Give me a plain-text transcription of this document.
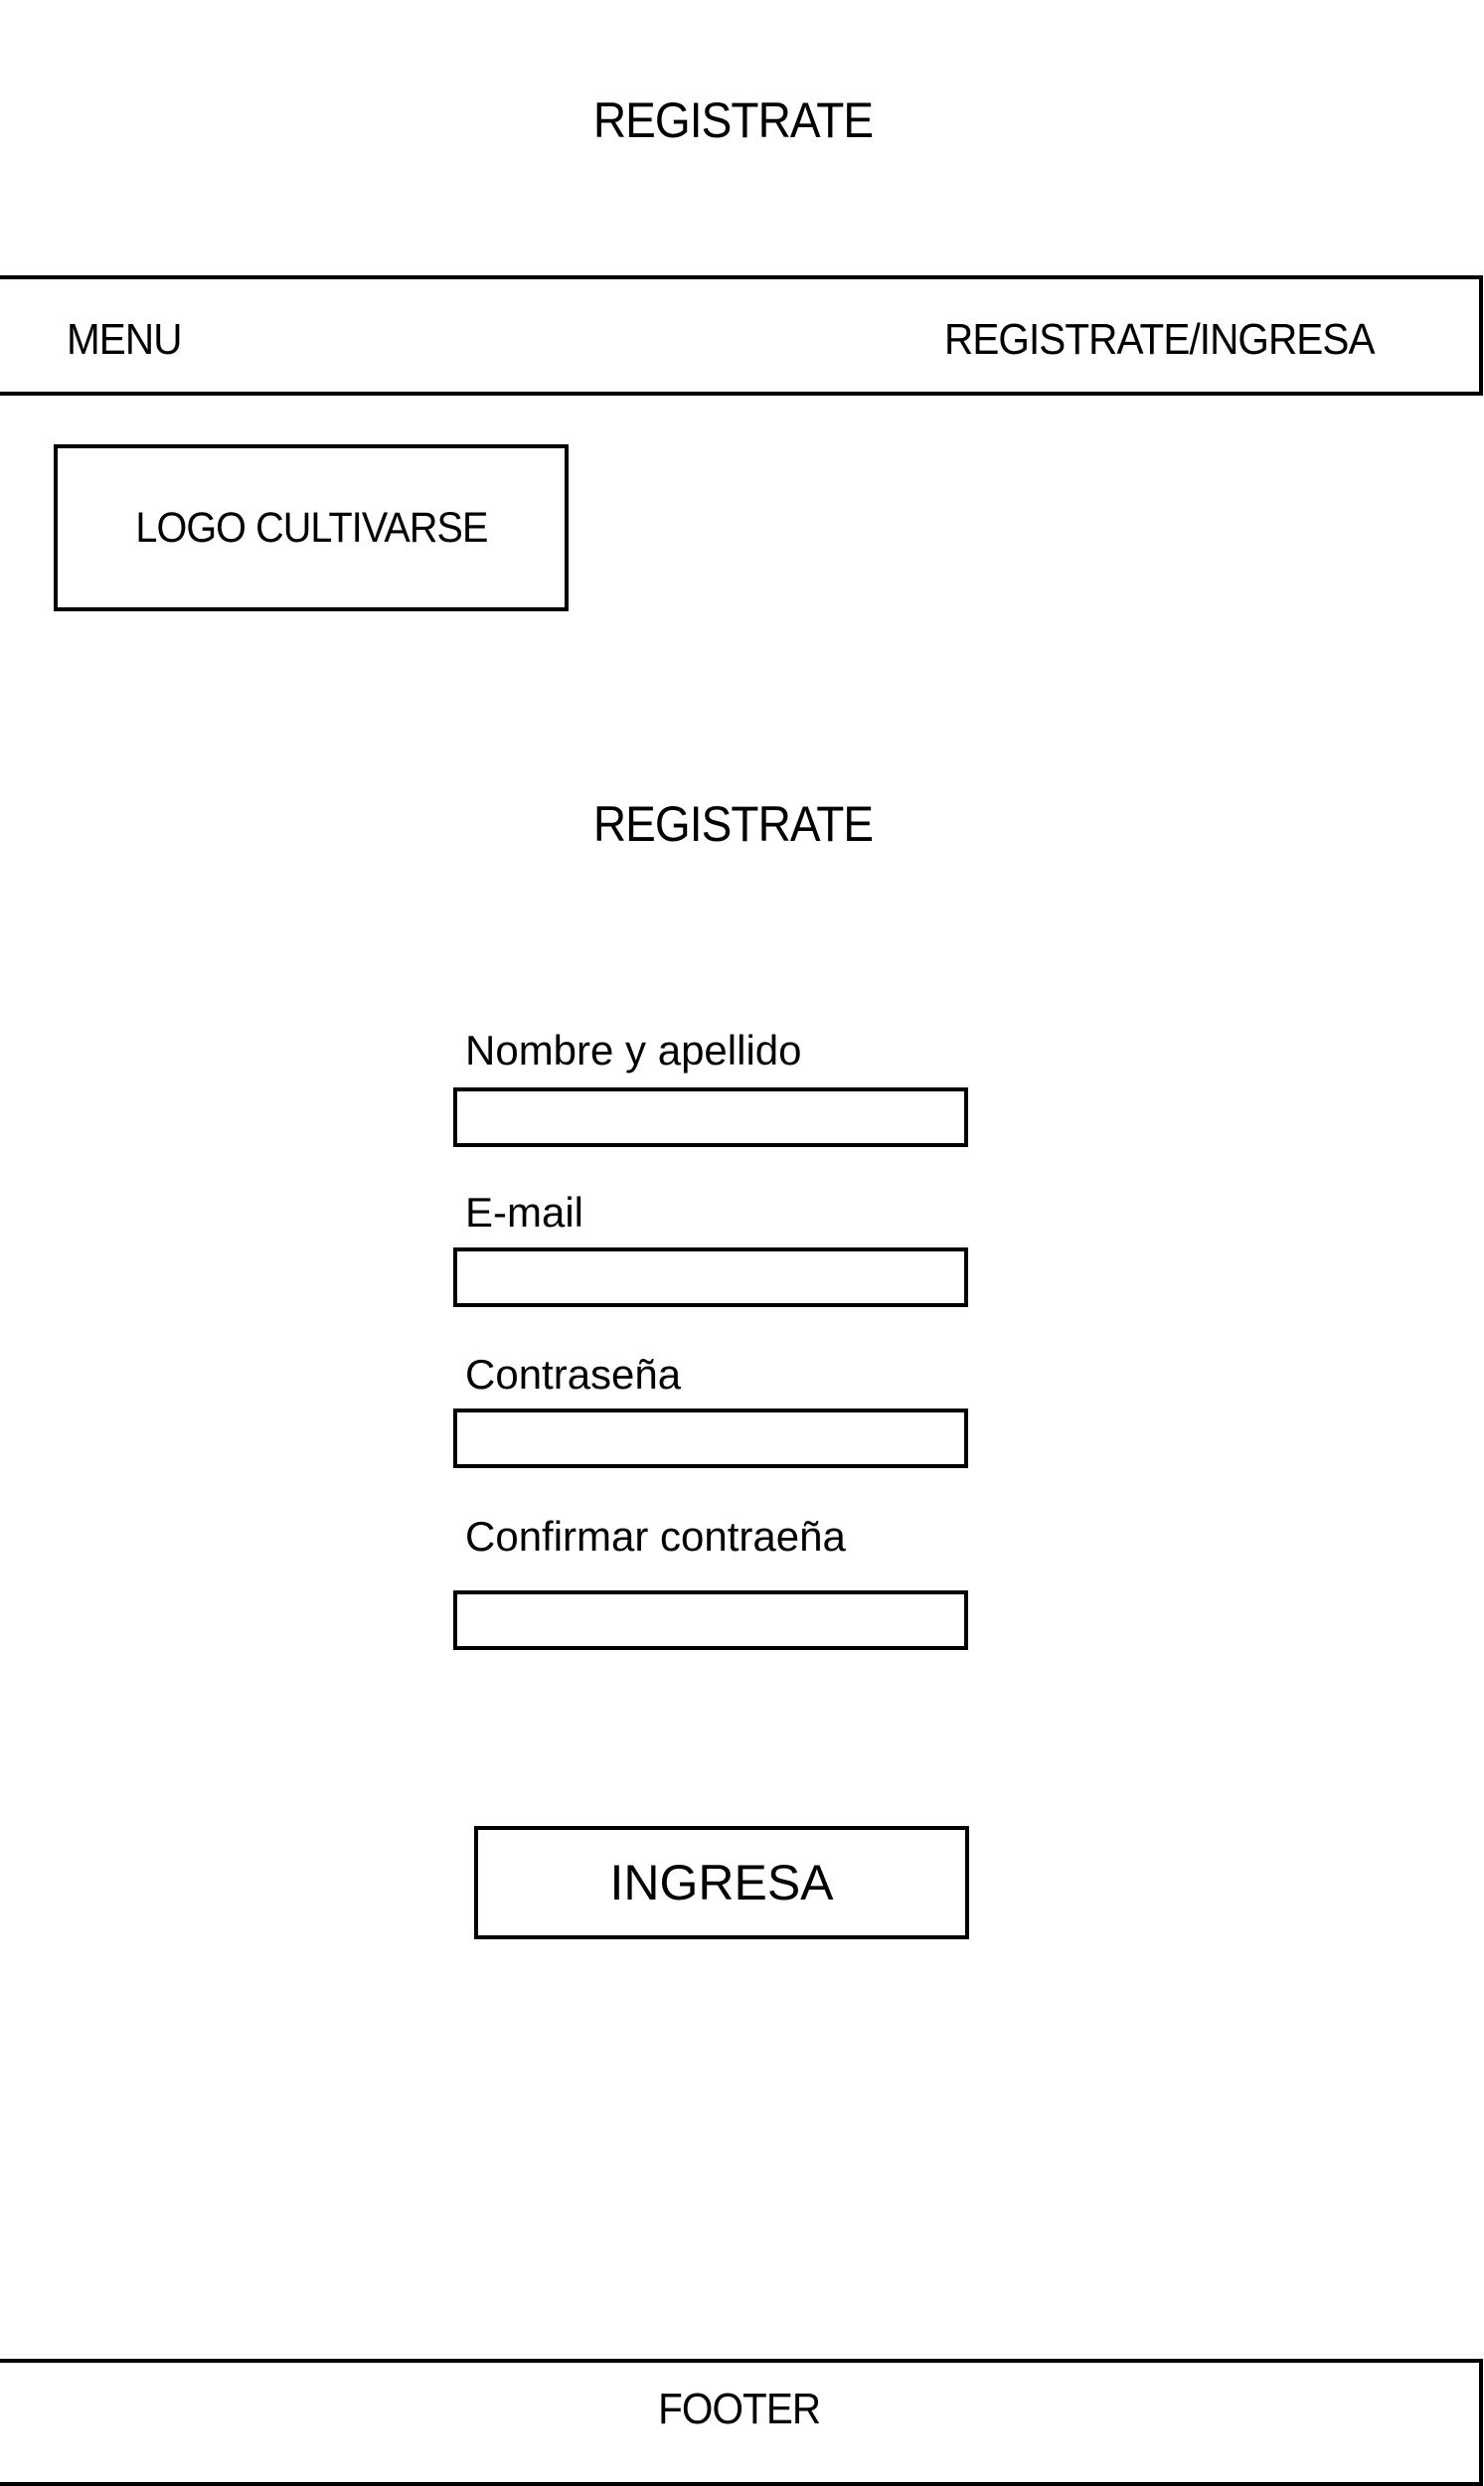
REGISTRATE
MENU	REGISTRATE/INGRESA
LOGO CULTIVARSE
REGISTRATE
Nombre y apellido
E-mail
Contraseña
Confirmar contraeña
INGRESA
FOOTER
